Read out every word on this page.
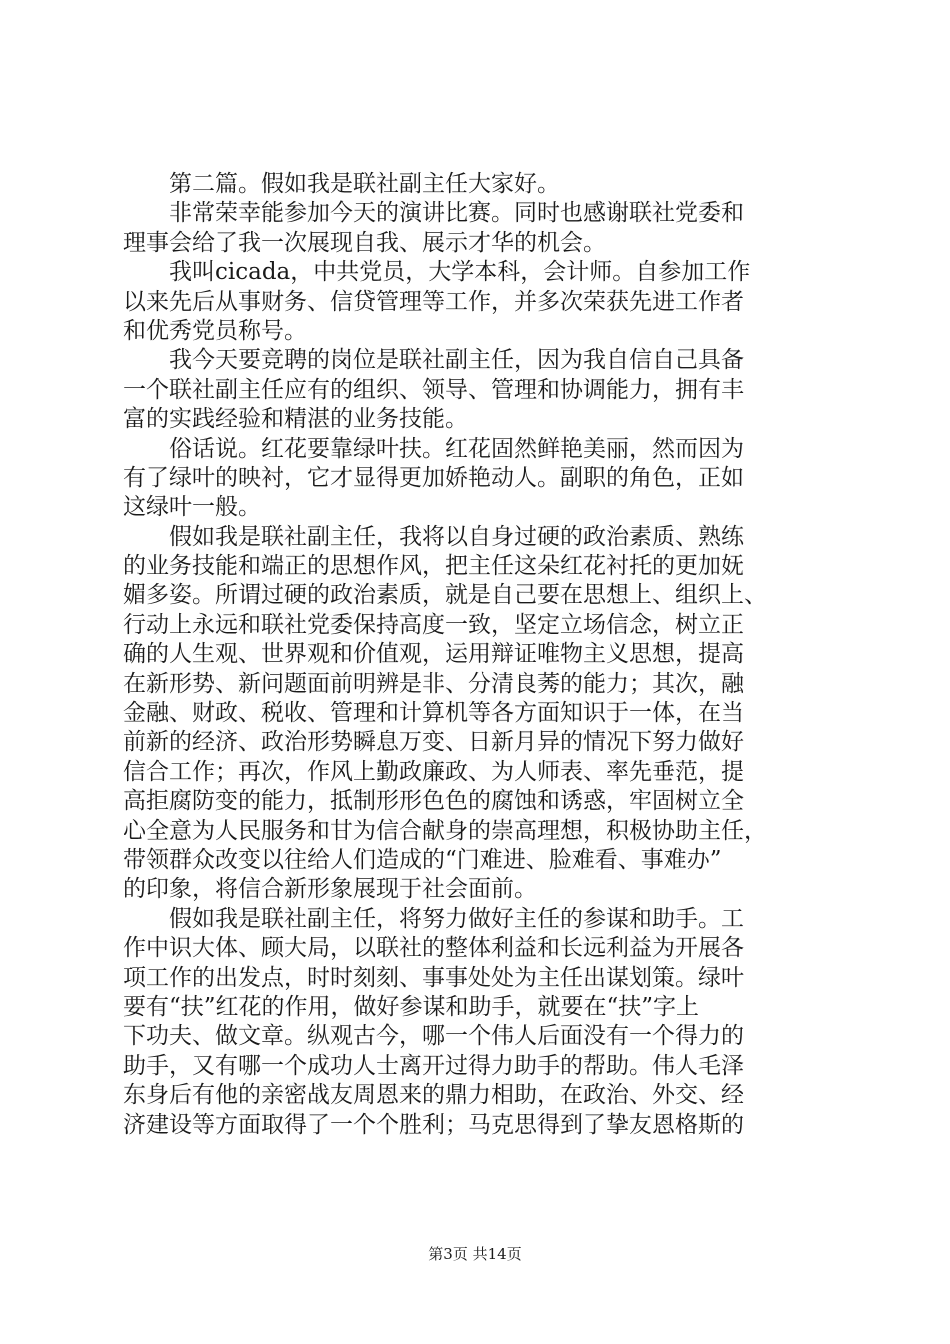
　　第二篇。假如我是联社副主任大家好。
　　非常荣幸能参加今天的演讲比赛。同时也感谢联社党委和
理事会给了我一次展现自我、展示才华的机会。
　　我叫cicada，中共党员，大学本科，会计师。自参加工作
以来先后从事财务、信贷管理等工作，并多次荣获先进工作者
和优秀党员称号。
　　我今天要竞聘的岗位是联社副主任，因为我自信自己具备
一个联社副主任应有的组织、领导、管理和协调能力，拥有丰
富的实践经验和精湛的业务技能。
　　俗话说。红花要靠绿叶扶。红花固然鲜艳美丽，然而因为
有了绿叶的映衬，它才显得更加娇艳动人。副职的角色，正如
这绿叶一般。
　　假如我是联社副主任，我将以自身过硬的政治素质、熟练
的业务技能和端正的思想作风，把主任这朵红花衬托的更加妩
媚多姿。所谓过硬的政治素质，就是自己要在思想上、组织上、
行动上永远和联社党委保持高度一致，坚定立场信念，树立正
确的人生观、世界观和价值观，运用辩证唯物主义思想，提高
在新形势、新问题面前明辨是非、分清良莠的能力；其次，融
金融、财政、税收、管理和计算机等各方面知识于一体，在当
前新的经济、政治形势瞬息万变、日新月异的情况下努力做好
信合工作；再次，作风上勤政廉政、为人师表、率先垂范，提
高拒腐防变的能力，抵制形形色色的腐蚀和诱惑，牢固树立全
心全意为人民服务和甘为信合献身的崇高理想，积极协助主任，
带领群众改变以往给人们造成的“门难进、脸难看、事难办”
的印象，将信合新形象展现于社会面前。
　　假如我是联社副主任，将努力做好主任的参谋和助手。工
作中识大体、顾大局，以联社的整体利益和长远利益为开展各
项工作的出发点，时时刻刻、事事处处为主任出谋划策。绿叶
要有“扶”红花的作用，做好参谋和助手，就要在“扶”字上
下功夫、做文章。纵观古今，哪一个伟人后面没有一个得力的
助手，又有哪一个成功人士离开过得力助手的帮助。伟人毛泽
东身后有他的亲密战友周恩来的鼎力相助，在政治、外交、经
济建设等方面取得了一个个胜利；马克思得到了挚友恩格斯的
第3页 共14页
